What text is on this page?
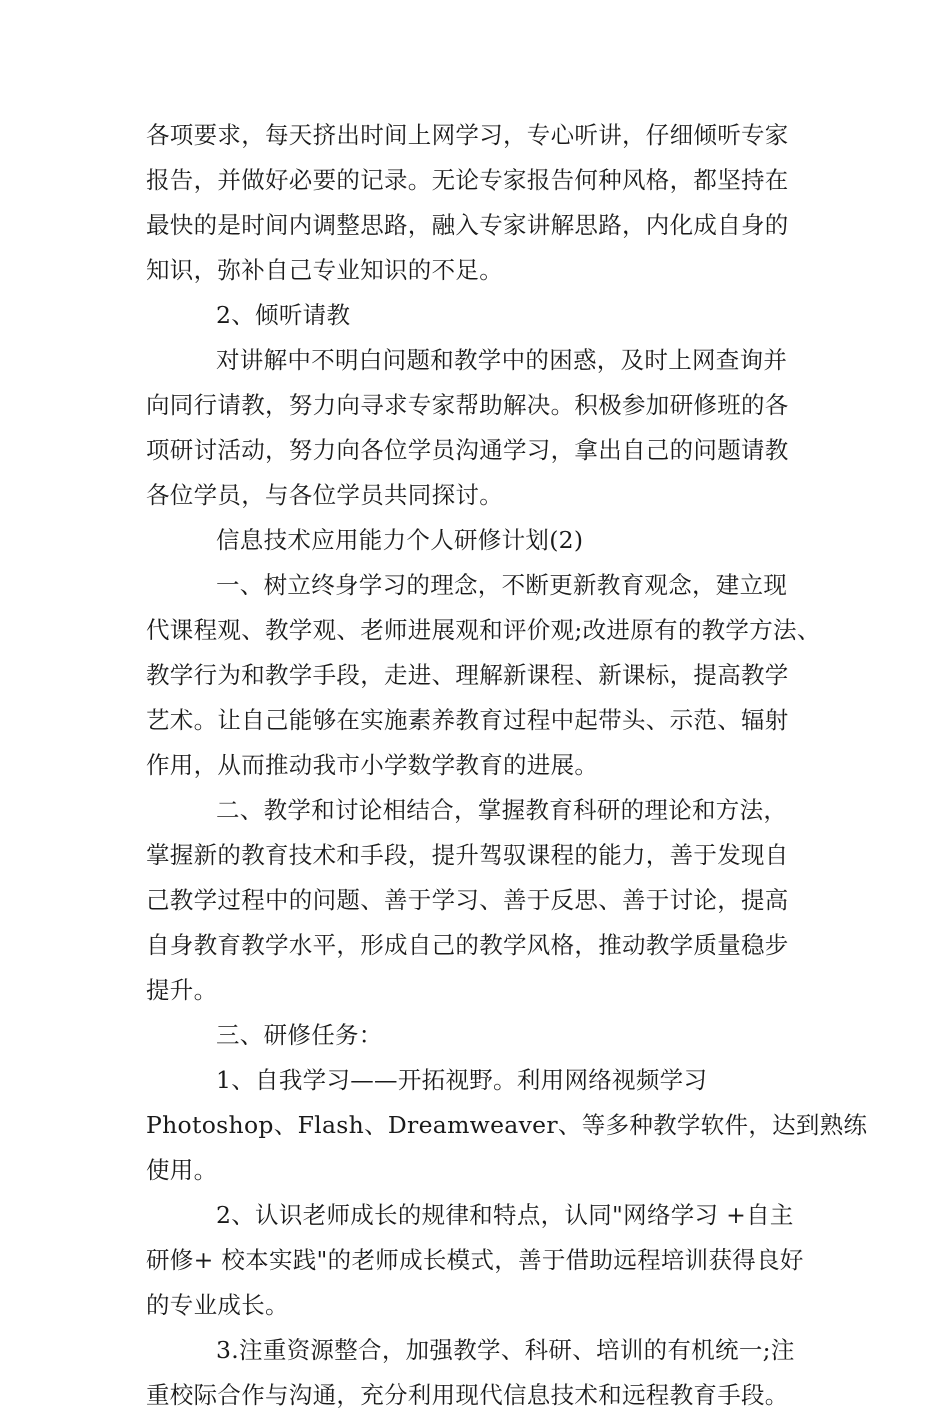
各项要求，每天挤出时间上网学习，专心听讲，仔细倾听专家
报告，并做好必要的记录。无论专家报告何种风格，都坚持在
最快的是时间内调整思路，融入专家讲解思路，内化成自身的
知识，弥补自己专业知识的不足。
2、倾听请教
对讲解中不明白问题和教学中的困惑，及时上网查询并
向同行请教，努力向寻求专家帮助解决。积极参加研修班的各
项研讨活动，努力向各位学员沟通学习，拿出自己的问题请教
各位学员，与各位学员共同探讨。
信息技术应用能力个人研修计划(2)
一、树立终身学习的理念，不断更新教育观念，建立现
代课程观、教学观、老师进展观和评价观;改进原有的教学方法、
教学行为和教学手段，走进、理解新课程、新课标，提高教学
艺术。让自己能够在实施素养教育过程中起带头、示范、辐射
作用，从而推动我市小学数学教育的进展。
二、教学和讨论相结合，掌握教育科研的理论和方法，
掌握新的教育技术和手段，提升驾驭课程的能力，善于发现自
己教学过程中的问题、善于学习、善于反思、善于讨论，提高
自身教育教学水平，形成自己的教学风格，推动教学质量稳步
提升。
三、研修任务：
1、自我学习——开拓视野。利用网络视频学习
Photoshop、Flash、Dreamweaver、等多种教学软件，达到熟练
使用。
2、认识老师成长的规律和特点，认同"网络学习 +自主
研修+ 校本实践"的老师成长模式，善于借助远程培训获得良好
的专业成长。
3.注重资源整合，加强教学、科研、培训的有机统一;注
重校际合作与沟通，充分利用现代信息技术和远程教育手段。
